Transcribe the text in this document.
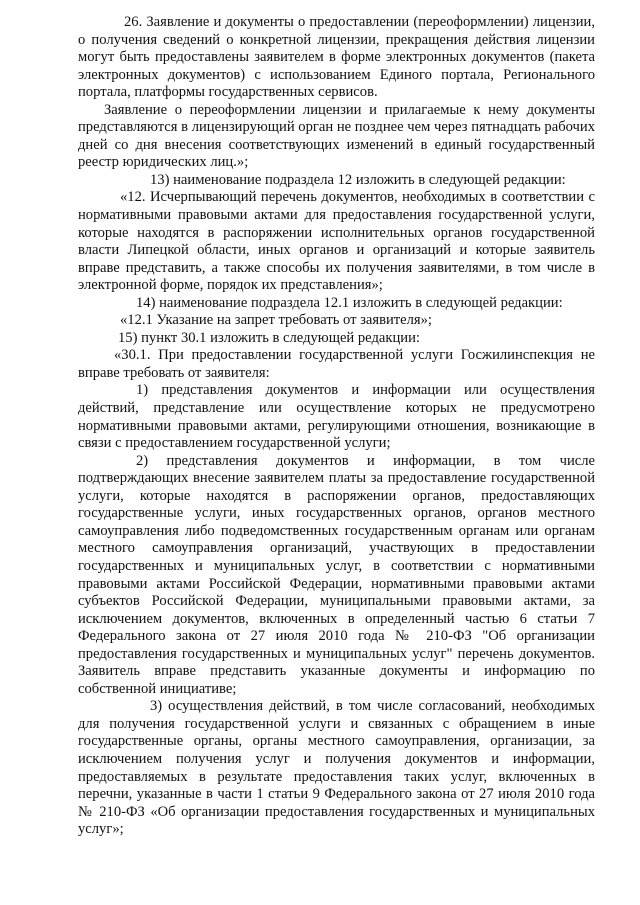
26. Заявление и документы о предоставлении (переоформлении) лицензии, о получения сведений о конкретной лицензии, прекращения действия лицензии могут быть предоставлены заявителем в форме электронных документов (пакета электронных документов) с использованием Единого портала, Регионального портала, платформы государственных сервисов.

Заявление о переоформлении лицензии и прилагаемые к нему документы представляются в лицензирующий орган не позднее чем через пятнадцать рабочих дней со дня внесения соответствующих изменений в единый государственный реестр юридических лиц.»;

13) наименование подраздела 12 изложить в следующей редакции:

«12. Исчерпывающий перечень документов, необходимых в соответствии с нормативными правовыми актами для предоставления государственной услуги, которые находятся в распоряжении исполнительных органов государственной власти Липецкой области, иных органов и организаций и которые заявитель вправе представить, а также способы их получения заявителями, в том числе в электронной форме, порядок их представления»;

14) наименование подраздела 12.1 изложить в следующей редакции:

«12.1 Указание на запрет требовать от заявителя»;

15) пункт 30.1 изложить в следующей редакции:

«30.1. При предоставлении государственной услуги Госжилинспекция не вправе требовать от заявителя:

1) представления документов и информации или осуществления действий, представление или осуществление которых не предусмотрено нормативными правовыми актами, регулирующими отношения, возникающие в связи с предоставлением государственной услуги;

2) представления документов и информации, в том числе подтверждающих внесение заявителем платы за предоставление государственной услуги, которые находятся в распоряжении органов, предоставляющих государственные услуги, иных государственных органов, органов местного самоуправления либо подведомственных государственным органам или органам местного самоуправления организаций, участвующих в предоставлении государственных и муниципальных услуг, в соответствии с нормативными правовыми актами Российской Федерации, нормативными правовыми актами субъектов Российской Федерации, муниципальными правовыми актами, за исключением документов, включенных в определенный частью 6 статьи 7 Федерального закона от 27 июля 2010 года № 210-ФЗ "Об организации предоставления государственных и муниципальных услуг" перечень документов. Заявитель вправе представить указанные документы и информацию по собственной инициативе;

3) осуществления действий, в том числе согласований, необходимых для получения государственной услуги и связанных с обращением в иные государственные органы, органы местного самоуправления, организации, за исключением получения услуг и получения документов и информации, предоставляемых в результате предоставления таких услуг, включенных в перечни, указанные в части 1 статьи 9 Федерального закона от 27 июля 2010 года № 210-ФЗ «Об организации предоставления государственных и муниципальных услуг»;
